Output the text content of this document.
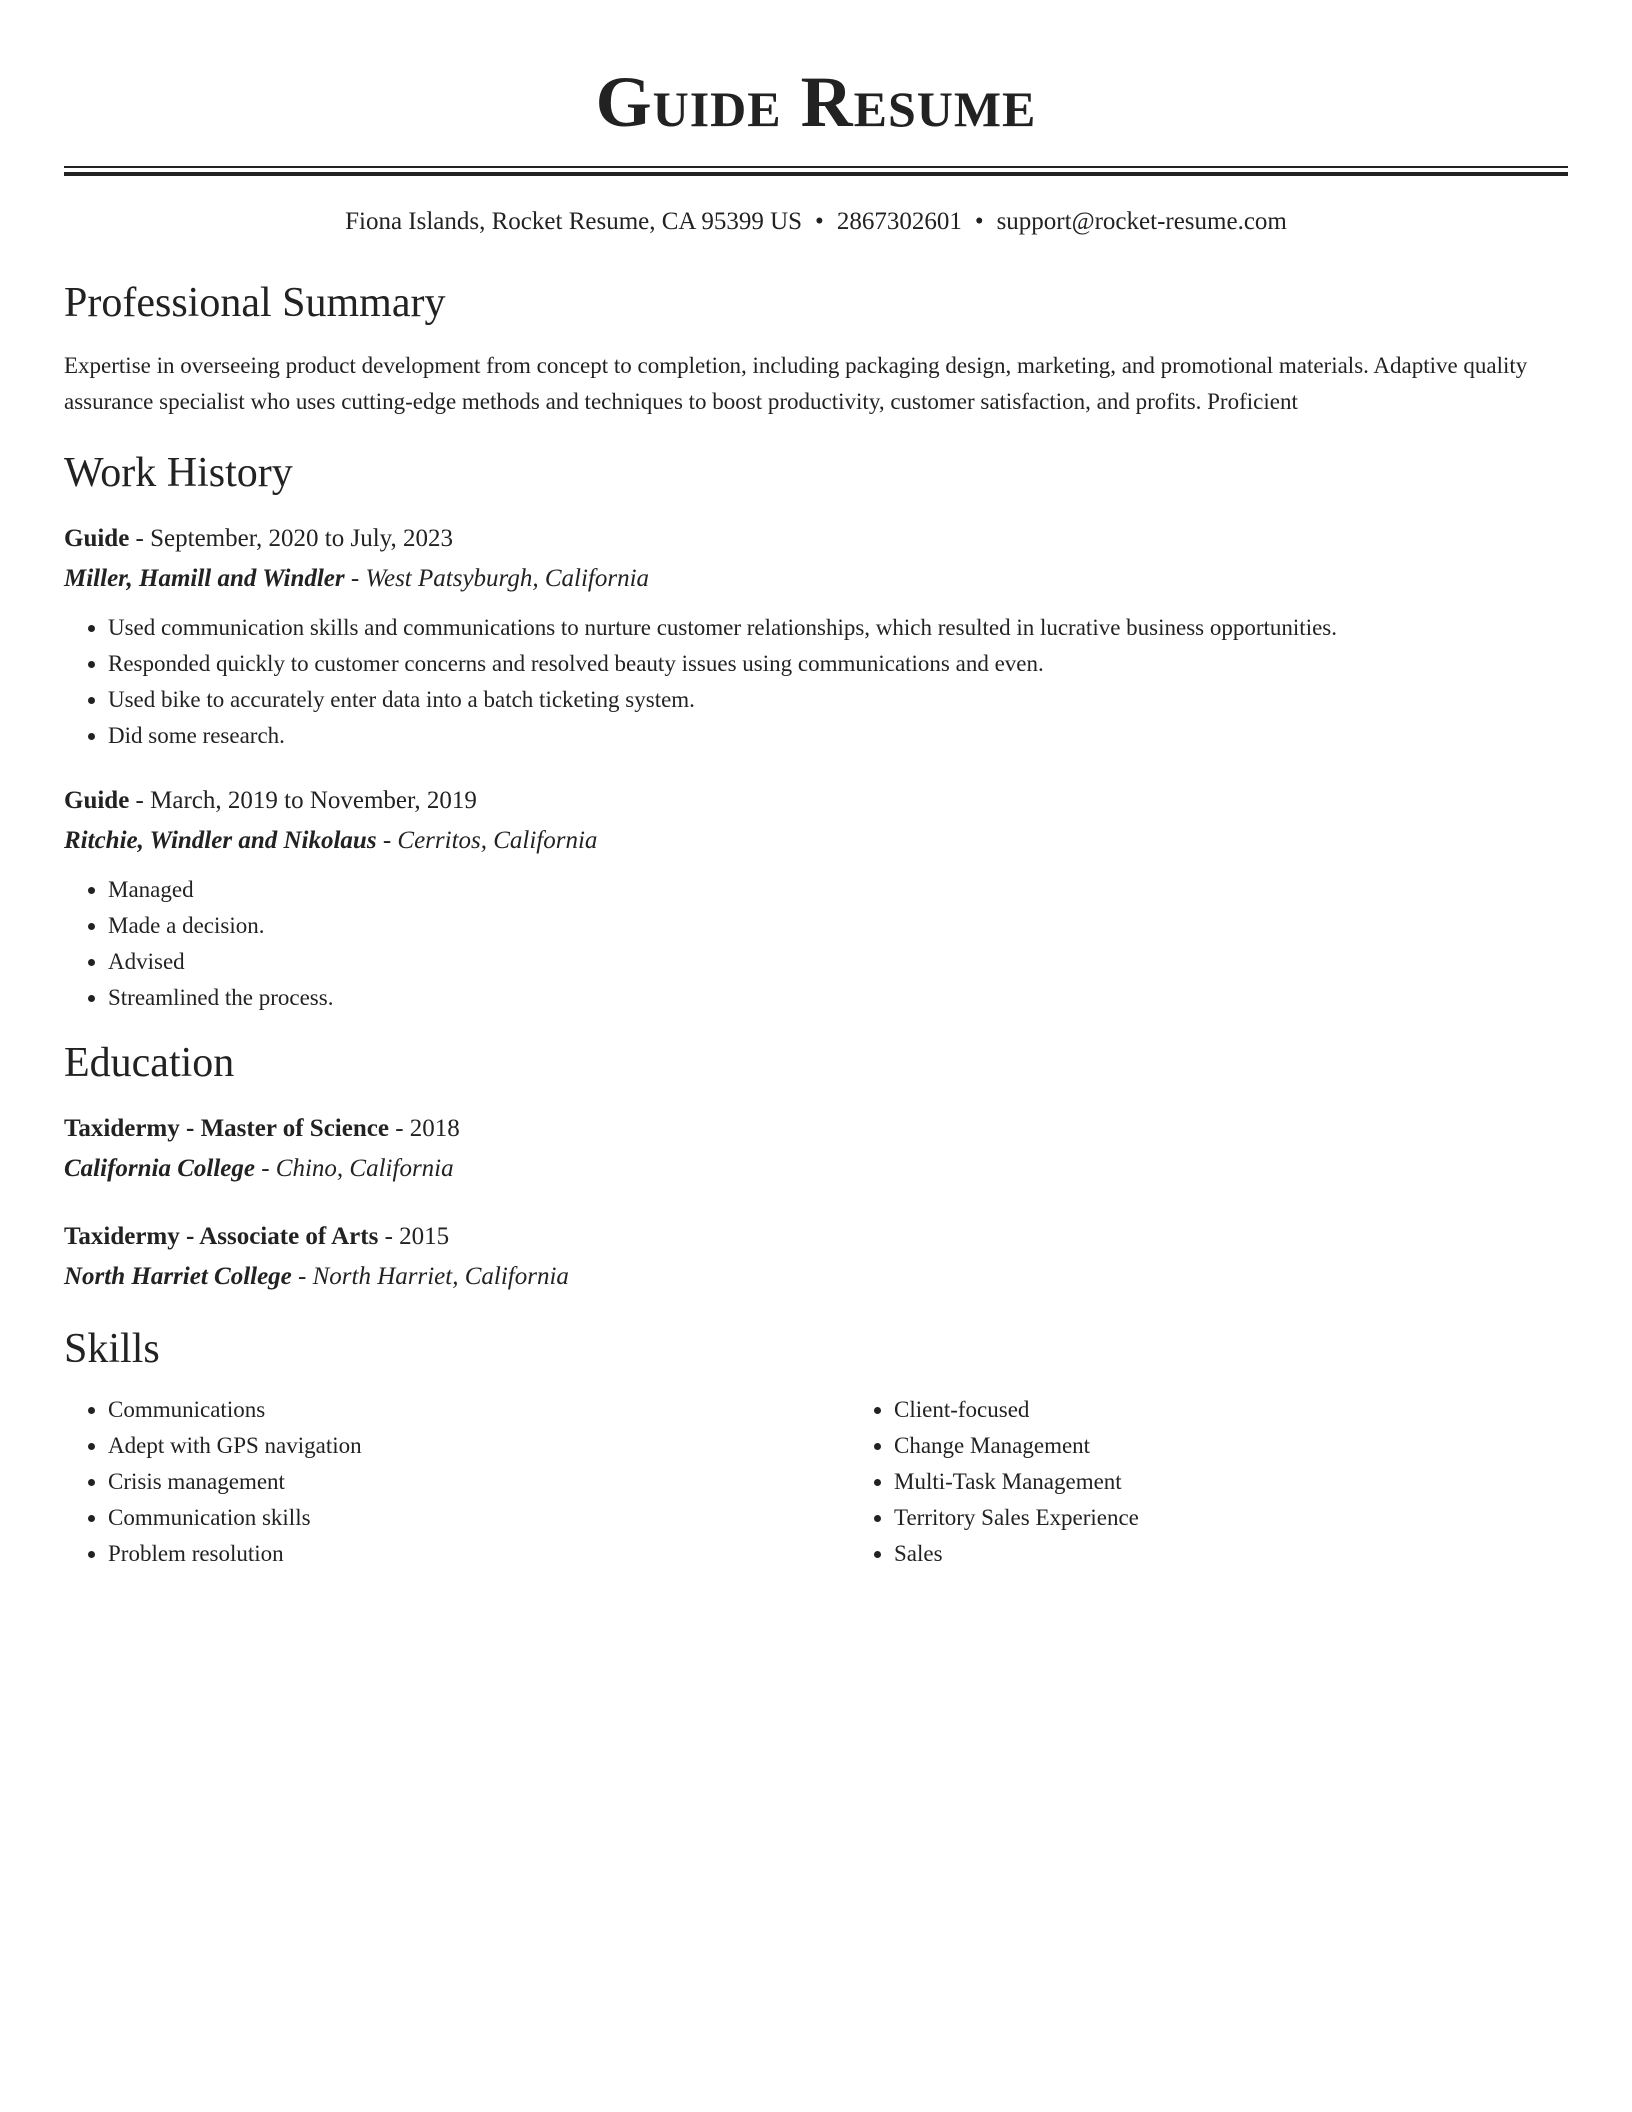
Guide Resume
Fiona Islands, Rocket Resume, CA 95399 US • 2867302601 • support@rocket-resume.com
Professional Summary

Expertise in overseeing product development from concept to completion, including packaging design, marketing, and promotional materials. Adaptive quality assurance specialist who uses cutting-edge methods and techniques to boost productivity, customer satisfaction, and profits. Proficient

Work History

Guide - September, 2020 to July, 2023

Miller, Hamill and Windler - West Patsyburgh, California

• Used communication skills and communications to nurture customer relationships, which resulted in lucrative business opportunities.
• Responded quickly to customer concerns and resolved beauty issues using communications and even.
• Used bike to accurately enter data into a batch ticketing system.
• Did some research.

Guide - March, 2019 to November, 2019

Ritchie, Windler and Nikolaus - Cerritos, California

• Managed
• Made a decision.
• Advised
• Streamlined the process.
Education

Taxidermy - Master of Science - 2018

California College - Chino, California

Taxidermy - Associate of Arts - 2015

North Harriet College - North Harriet, California

Skills
• Communications
• Adept with GPS navigation
• Crisis management
• Communication skills
• Problem resolution
• Client-focused
• Change Management
• Multi-Task Management
• Territory Sales Experience
• Sales
